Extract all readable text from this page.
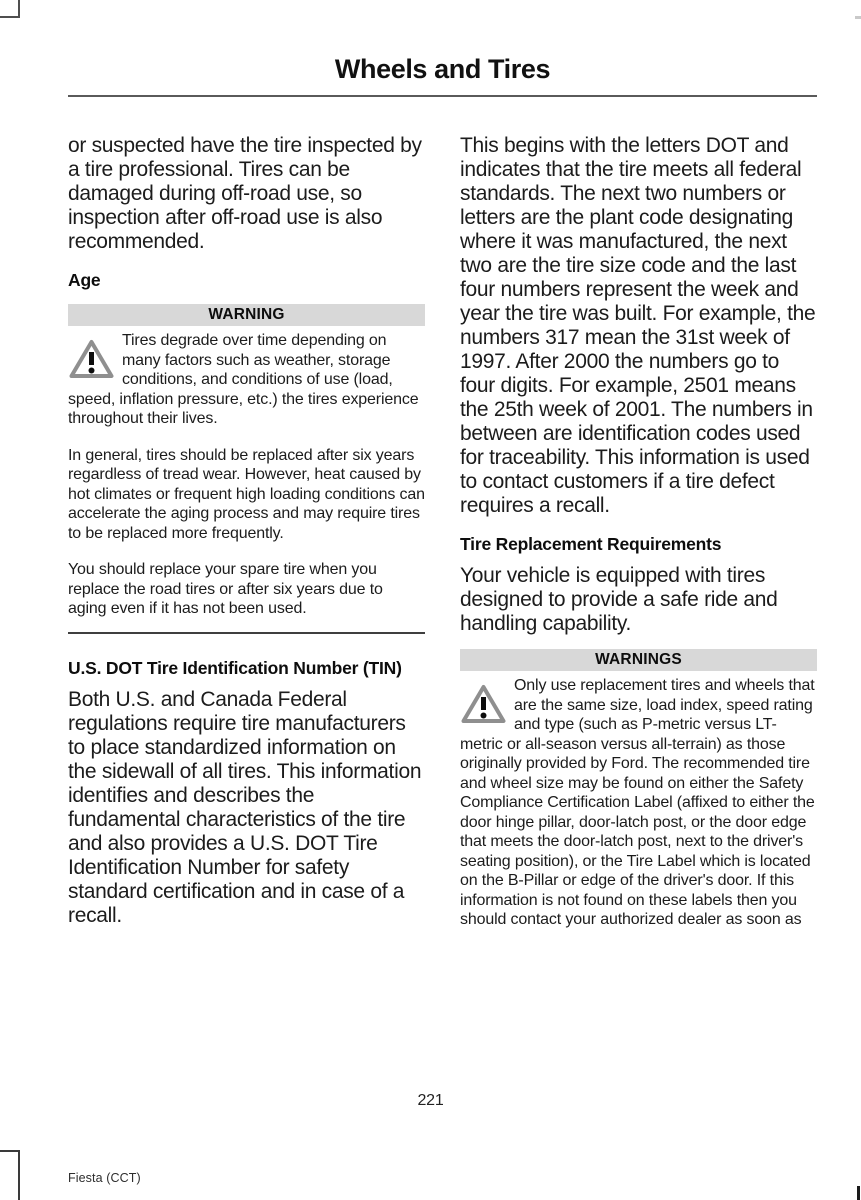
Wheels and Tires

or suspected have the tire inspected by a tire professional. Tires can be damaged during off-road use, so inspection after off-road use is also recommended.

Age
WARNING

Tires degrade over time depending on many factors such as weather, storage conditions, and conditions of use (load, speed, inflation pressure, etc.) the tires experience throughout their lives.

In general, tires should be replaced after six years regardless of tread wear. However, heat caused by hot climates or frequent high loading conditions can accelerate the aging process and may require tires to be replaced more frequently.

You should replace your spare tire when you replace the road tires or after six years due to aging even if it has not been used.

U.S. DOT Tire Identification Number (TIN)

Both U.S. and Canada Federal regulations require tire manufacturers to place standardized information on the sidewall of all tires. This information identifies and describes the fundamental characteristics of the tire and also provides a U.S. DOT Tire Identification Number for safety standard certification and in case of a recall.

This begins with the letters DOT and indicates that the tire meets all federal standards. The next two numbers or letters are the plant code designating where it was manufactured, the next two are the tire size code and the last four numbers represent the week and year the tire was built. For example, the numbers 317 mean the 31st week of 1997. After 2000 the numbers go to four digits. For example, 2501 means the 25th week of 2001. The numbers in between are identification codes used for traceability. This information is used to contact customers if a tire defect requires a recall.

Tire Replacement Requirements

Your vehicle is equipped with tires designed to provide a safe ride and handling capability.

WARNINGS

Only use replacement tires and wheels that are the same size, load index, speed rating and type (such as P-metric versus LT-metric or all-season versus all-terrain) as those originally provided by Ford. The recommended tire and wheel size may be found on either the Safety Compliance Certification Label (affixed to either the door hinge pillar, door-latch post, or the door edge that meets the door-latch post, next to the driver's seating position), or the Tire Label which is located on the B-Pillar or edge of the driver's door. If this information is not found on these labels then you should contact your authorized dealer as soon as

221
Fiesta (CCT)
